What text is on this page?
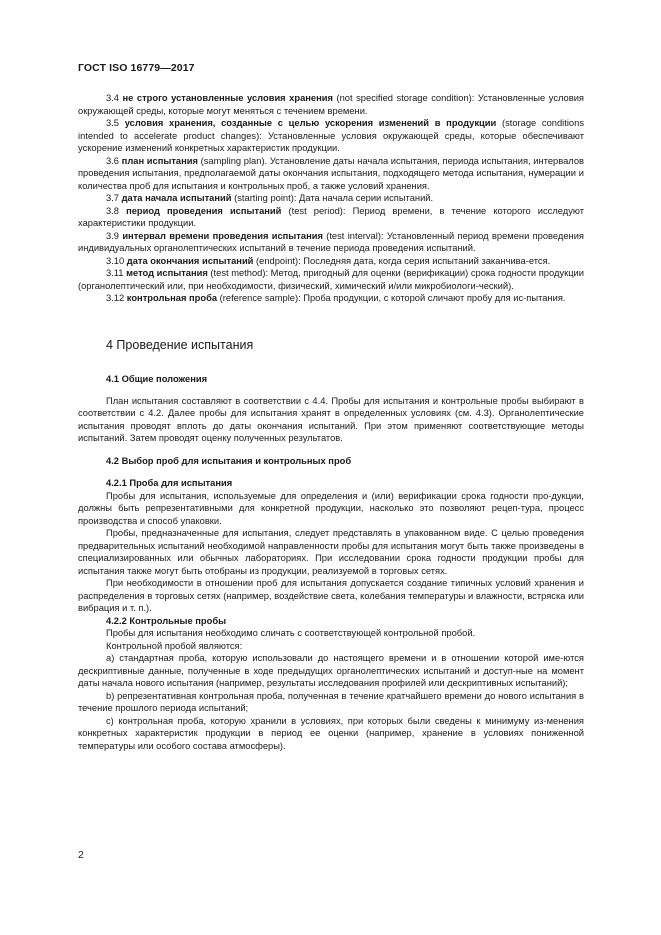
ГОСТ ISO 16779—2017

3.4 не строго установленные условия хранения (not specified storage condition): Установленные условия окружающей среды, которые могут меняться с течением времени.

3.5 условия хранения, созданные с целью ускорения изменений в продукции (storage conditions intended to accelerate product changes): Установленные условия окружающей среды, которые обеспечивают ускорение изменений конкретных характеристик продукции.

3.6 план испытания (sampling plan). Установление даты начала испытания, периода испытания, интервалов проведения испытания, предполагаемой даты окончания испытания, подходящего метода испытания, нумерации и количества проб для испытания и контрольных проб, а также условий хранения.

3.7 дата начала испытаний (starting point): Дата начала серии испытаний.

3.8 период проведения испытаний (test period): Период времени, в течение которого исследуют характеристики продукции.

3.9 интервал времени проведения испытания (test interval): Установленный период времени проведения индивидуальных органолептических испытаний в течение периода проведения испытаний.

3.10 дата окончания испытаний (endpoint): Последняя дата, когда серия испытаний заканчива-ется.

3.11 метод испытания (test method): Метод, пригодный для оценки (верификации) срока годности продукции (органолептический или, при необходимости, физический, химический и/или микробиологи-ческий).

3.12 контрольная проба (reference sample): Проба продукции, с которой сличают пробу для ис-пытания.

4 Проведение испытания

4.1 Общие положения

План испытания составляют в соответствии с 4.4. Пробы для испытания и контрольные пробы выбирают в соответствии с 4.2. Далее пробы для испытания хранят в определенных условиях (см. 4.3). Органолептические испытания проводят вплоть до даты окончания испытаний. При этом применяют соответствующие методы испытаний. Затем проводят оценку полученных результатов.

4.2 Выбор проб для испытания и контрольных проб

4.2.1 Проба для испытания

Пробы для испытания, используемые для определения и (или) верификации срока годности про-дукции, должны быть репрезентативными для конкретной продукции, насколько это позволяют рецеп-тура, процесс производства и способ упаковки.

Пробы, предназначенные для испытания, следует представлять в упакованном виде. С целью проведения предварительных испытаний необходимой направленности пробы для испытания могут быть также произведены в специализированных или обычных лабораториях. При исследовании срока годности продукции пробы для испытания также могут быть отобраны из продукции, реализуемой в торговых сетях.

При необходимости в отношении проб для испытания допускается создание типичных условий хранения и распределения в торговых сетях (например, воздействие света, колебания температуры и влажности, встряска или вибрация и т. п.).

4.2.2 Контрольные пробы

Пробы для испытания необходимо сличать с соответствующей контрольной пробой.

Контрольной пробой являются:

а) стандартная проба, которую использовали до настоящего времени и в отношении которой име-ются дескриптивные данные, полученные в ходе предыдущих органолептических испытаний и доступ-ные на момент даты начала нового испытания (например, результаты исследования профилей или дескриптивных испытаний);

b) репрезентативная контрольная проба, полученная в течение кратчайшего времени до нового испытания в течение прошлого периода испытаний;

с) контрольная проба, которую хранили в условиях, при которых были сведены к минимуму из-менения конкретных характеристик продукции в период ее оценки (например, хранение в условиях пониженной температуры или особого состава атмосферы).

2
